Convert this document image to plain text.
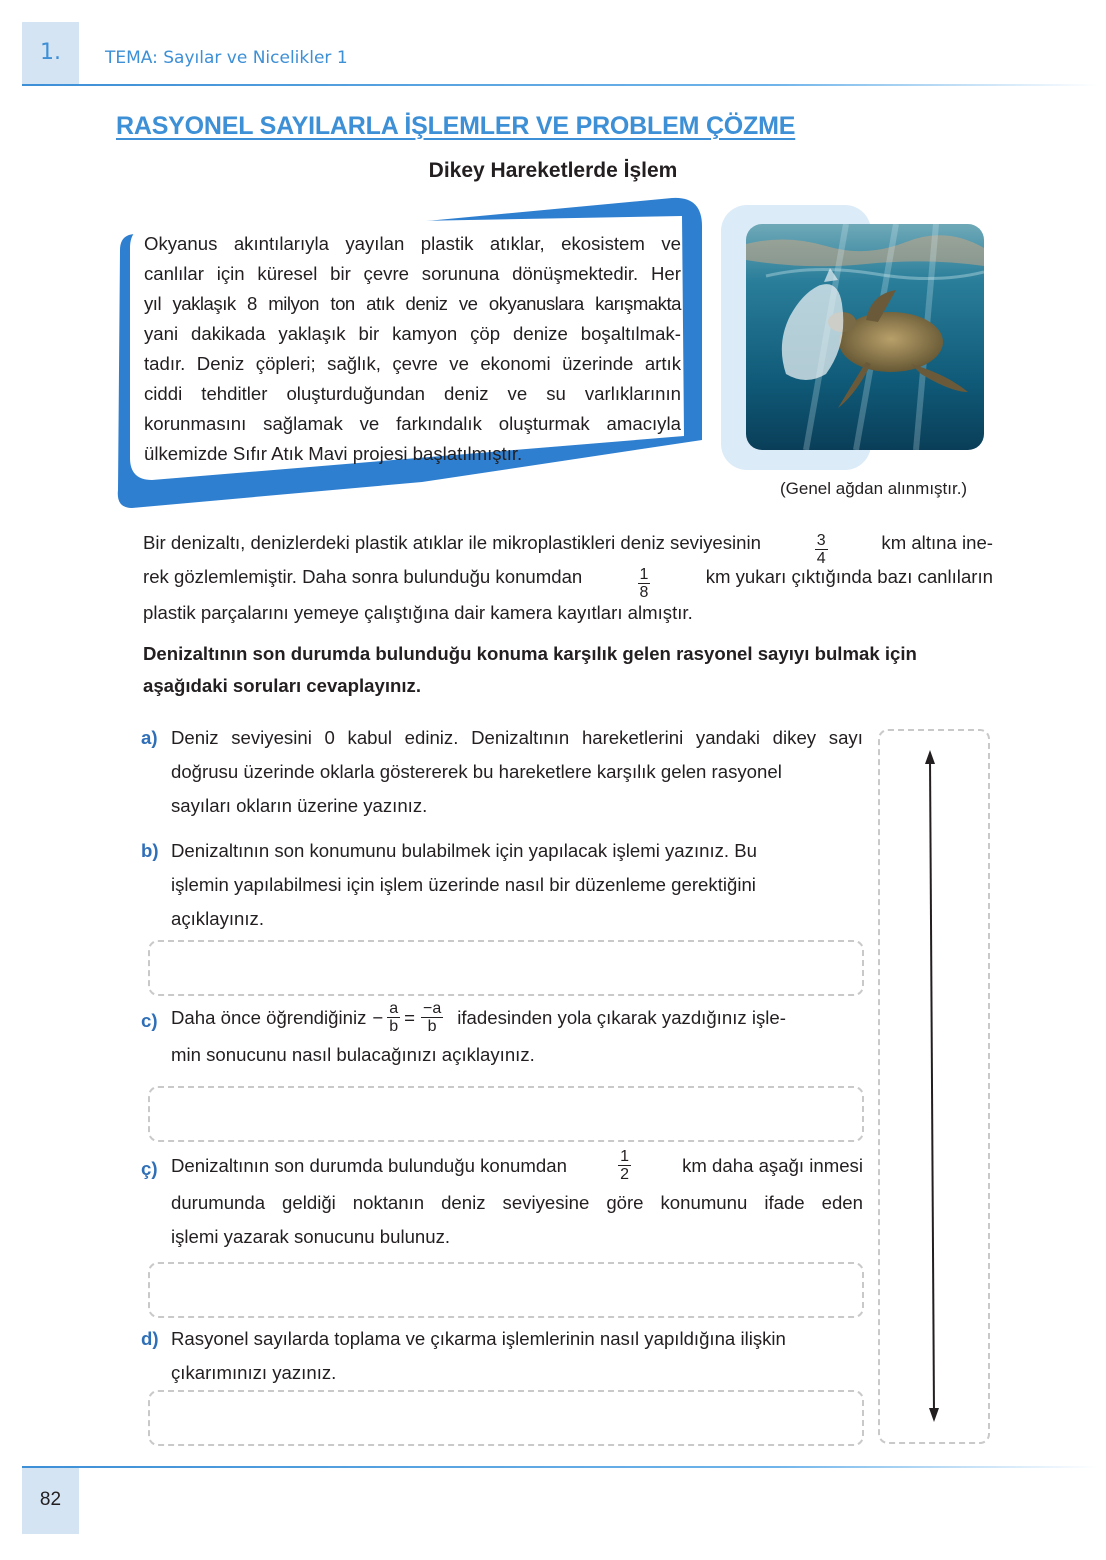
1.	TEMA: Sayılar ve Nicelikler 1
RASYONEL SAYILARLA İŞLEMLER VE PROBLEM ÇÖZME
Dikey Hareketlerde İşlem

Okyanus akıntılarıyla yayılan plastik atıklar, ekosistem ve

canlılar için küresel bir çevre sorununa dönüşmektedir. Her

yıl yaklaşık 8 milyon ton atık deniz ve okyanuslara karışmakta

yani dakikada yaklaşık bir kamyon çöp denize boşaltılmak-

tadır. Deniz çöpleri; sağlık, çevre ve ekonomi üzerinde artık

ciddi tehditler oluşturduğundan deniz ve su varlıklarının

korunmasını sağlamak ve farkındalık oluşturmak amacıyla

ülkemizde Sıfır Atık Mavi projesi başlatılmıştır.

(Genel ağdan alınmıştır.)
Bir denizaltı, denizlerdeki plastik atıklar ile mikroplastikleri deniz seviyesinin	$\frac{3}{4}$	km altına ine-
rek gözlemlemiştir. Daha sonra bulunduğu konumdan	$\frac{1}{8}$	km yukarı çıktığında bazı canlıların
plastik parçalarını yemeye çalıştığına dair kamera kayıtları almıştır.
Denizaltının son durumda bulunduğu konuma karşılık gelen rasyonel sayıyı bulmak için
aşağıdaki soruları cevaplayınız.
a) Deniz seviyesini 0 kabul ediniz. Denizaltının hareketlerini yandaki dikey sayı
doğrusu üzerinde oklarla göstererek bu hareketlere karşılık gelen rasyonel
sayıları okların üzerine yazınız.
b) Denizaltının son konumunu bulabilmek için yapılacak işlemi yazınız. Bu
işlemin yapılabilmesi için işlem üzerinde nasıl bir düzenleme gerektiğini
açıklayınız.
c) Daha önce öğrendiğiniz − $\frac{a}{b} = \frac{-a}{b}$ ifadesinden yola çıkarak yazdığınız işle-
min sonucunu nasıl bulacağınızı açıklayınız.
ç) Denizaltının son durumda bulunduğu konumdan	$\frac{1}{2}$	km daha aşağı inmesi
durumunda geldiği noktanın deniz seviyesine göre konumunu ifade eden
işlemi yazarak sonucunu bulunuz.
d) Rasyonel sayılarda toplama ve çıkarma işlemlerinin nasıl yapıldığına ilişkin
çıkarımınızı yazınız.
82
